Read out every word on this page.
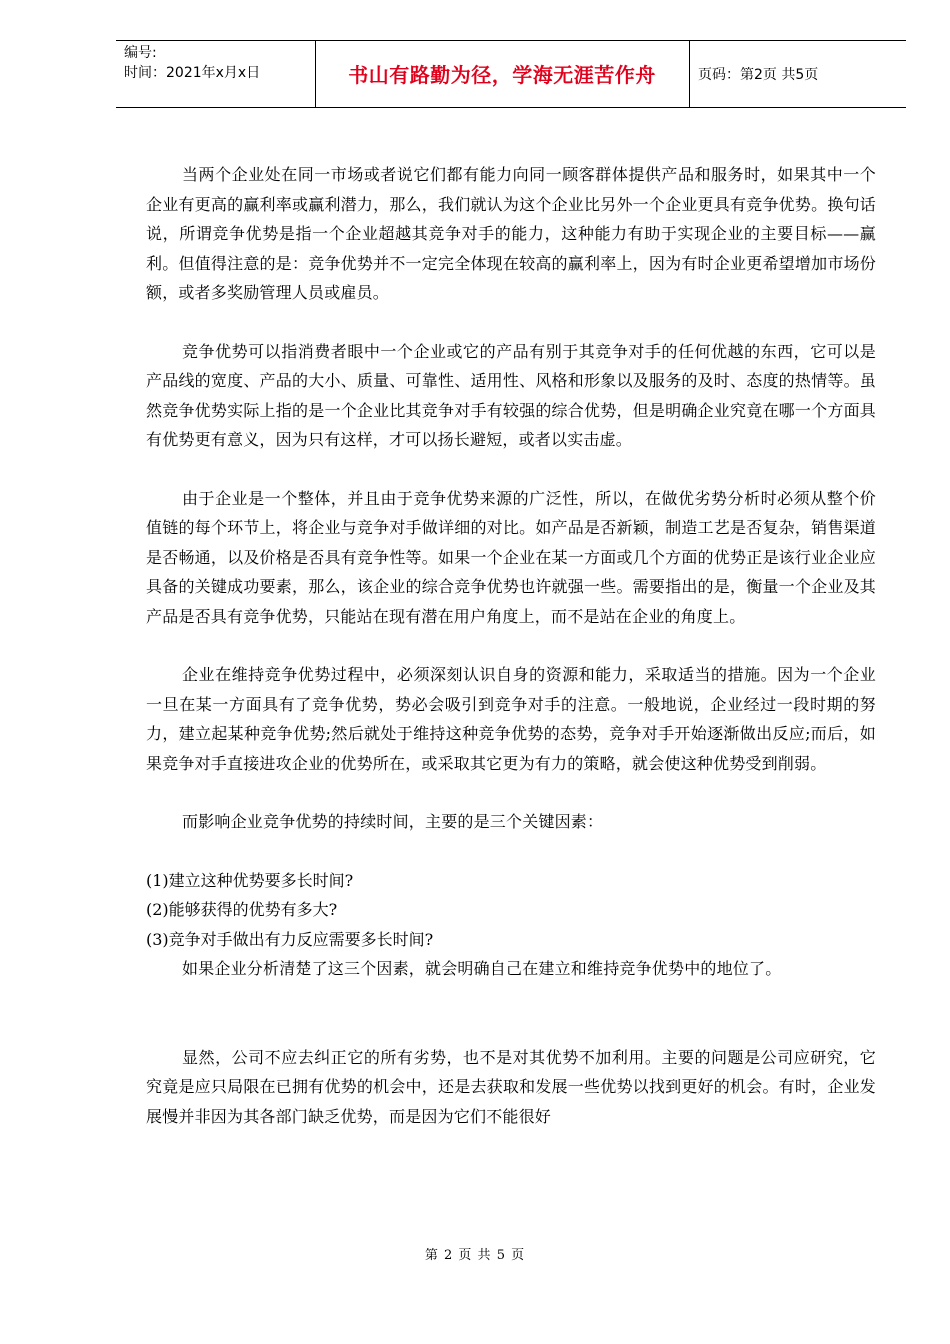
编号:
时间：2021年x月x日	书山有路勤为径，学海无涯苦作舟	页码：第2页 共5页

当两个企业处在同一市场或者说它们都有能力向同一顾客群体提供产品和服务时，如果其中一个企业有更高的赢利率或赢利潜力，那么，我们就认为这个企业比另外一个企业更具有竞争优势。换句话说，所谓竞争优势是指一个企业超越其竞争对手的能力，这种能力有助于实现企业的主要目标——赢利。但值得注意的是：竞争优势并不一定完全体现在较高的赢利率上，因为有时企业更希望增加市场份额，或者多奖励管理人员或雇员。

竞争优势可以指消费者眼中一个企业或它的产品有别于其竞争对手的任何优越的东西，它可以是产品线的宽度、产品的大小、质量、可靠性、适用性、风格和形象以及服务的及时、态度的热情等。虽然竞争优势实际上指的是一个企业比其竞争对手有较强的综合优势，但是明确企业究竟在哪一个方面具有优势更有意义，因为只有这样，才可以扬长避短，或者以实击虚。

由于企业是一个整体，并且由于竞争优势来源的广泛性，所以，在做优劣势分析时必须从整个价值链的每个环节上，将企业与竞争对手做详细的对比。如产品是否新颖，制造工艺是否复杂，销售渠道是否畅通，以及价格是否具有竞争性等。如果一个企业在某一方面或几个方面的优势正是该行业企业应具备的关键成功要素，那么，该企业的综合竞争优势也许就强一些。需要指出的是，衡量一个企业及其产品是否具有竞争优势，只能站在现有潜在用户角度上，而不是站在企业的角度上。

企业在维持竞争优势过程中，必须深刻认识自身的资源和能力，采取适当的措施。因为一个企业一旦在某一方面具有了竞争优势，势必会吸引到竞争对手的注意。一般地说，企业经过一段时期的努力，建立起某种竞争优势;然后就处于维持这种竞争优势的态势，竞争对手开始逐渐做出反应;而后，如果竞争对手直接进攻企业的优势所在，或采取其它更为有力的策略，就会使这种优势受到削弱。

而影响企业竞争优势的持续时间，主要的是三个关键因素：

(1)建立这种优势要多长时间?

(2)能够获得的优势有多大?

(3)竞争对手做出有力反应需要多长时间?

如果企业分析清楚了这三个因素，就会明确自己在建立和维持竞争优势中的地位了。

显然，公司不应去纠正它的所有劣势，也不是对其优势不加利用。主要的问题是公司应研究，它究竟是应只局限在已拥有优势的机会中，还是去获取和发展一些优势以找到更好的机会。有时，企业发展慢并非因为其各部门缺乏优势，而是因为它们不能很好

第 2 页 共 5 页
